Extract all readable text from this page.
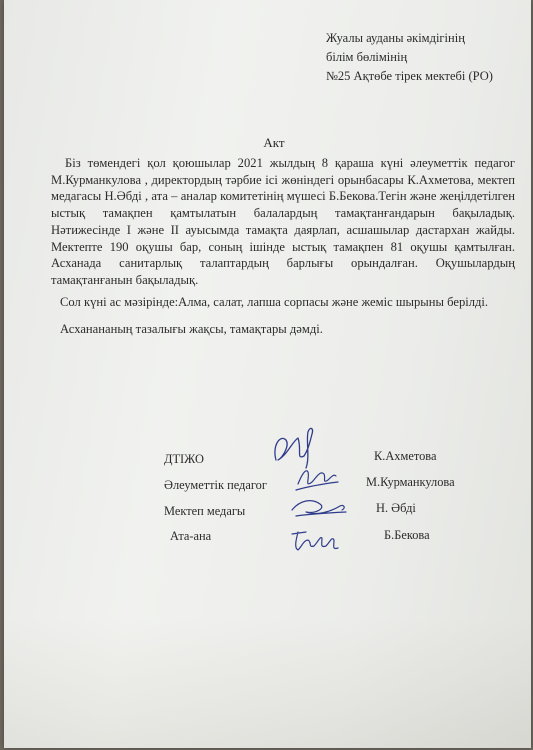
Жуалы ауданы әкімдігінің
білім бөлімінің
№25 Ақтөбе тірек мектебі (РО)
Акт

Біз төмендегі қол қоюшылар 2021 жылдың 8 қараша күні әлеуметтік педагог М.Курманкулова , директордың тәрбие ісі жөніндегі орынбасары К.Ахметова, мектеп медагасы Н.Әбді , ата – аналар комитетінің мүшесі Б.Бекова.Тегін және жеңілдетілген ыстық тамақпен қамтылатын балалардың тамақтанғандарын бақыладық. Нәтижесінде I және II ауысымда тамақта даярлап, асшашылар дастархан жайды. Мектепте 190 оқушы бар, соның ішінде ыстық тамақпен 81 оқушы қамтылған. Асханада санитарлық талаптардың барлығы орындалған. Оқушылардың тамақтанғанын бақыладық.

Сол күні ас мәзірінде:Алма, салат, лапша сорпасы және жеміс шырыны берілді.
Асханананың тазалығы жақсы, тамақтары дәмді.
ДТІЖО	К.Ахметова
Әлеуметтік педагог	М.Курманкулова
Мектеп медагы	Н. Әбді
Ата-ана	Б.Бекова
